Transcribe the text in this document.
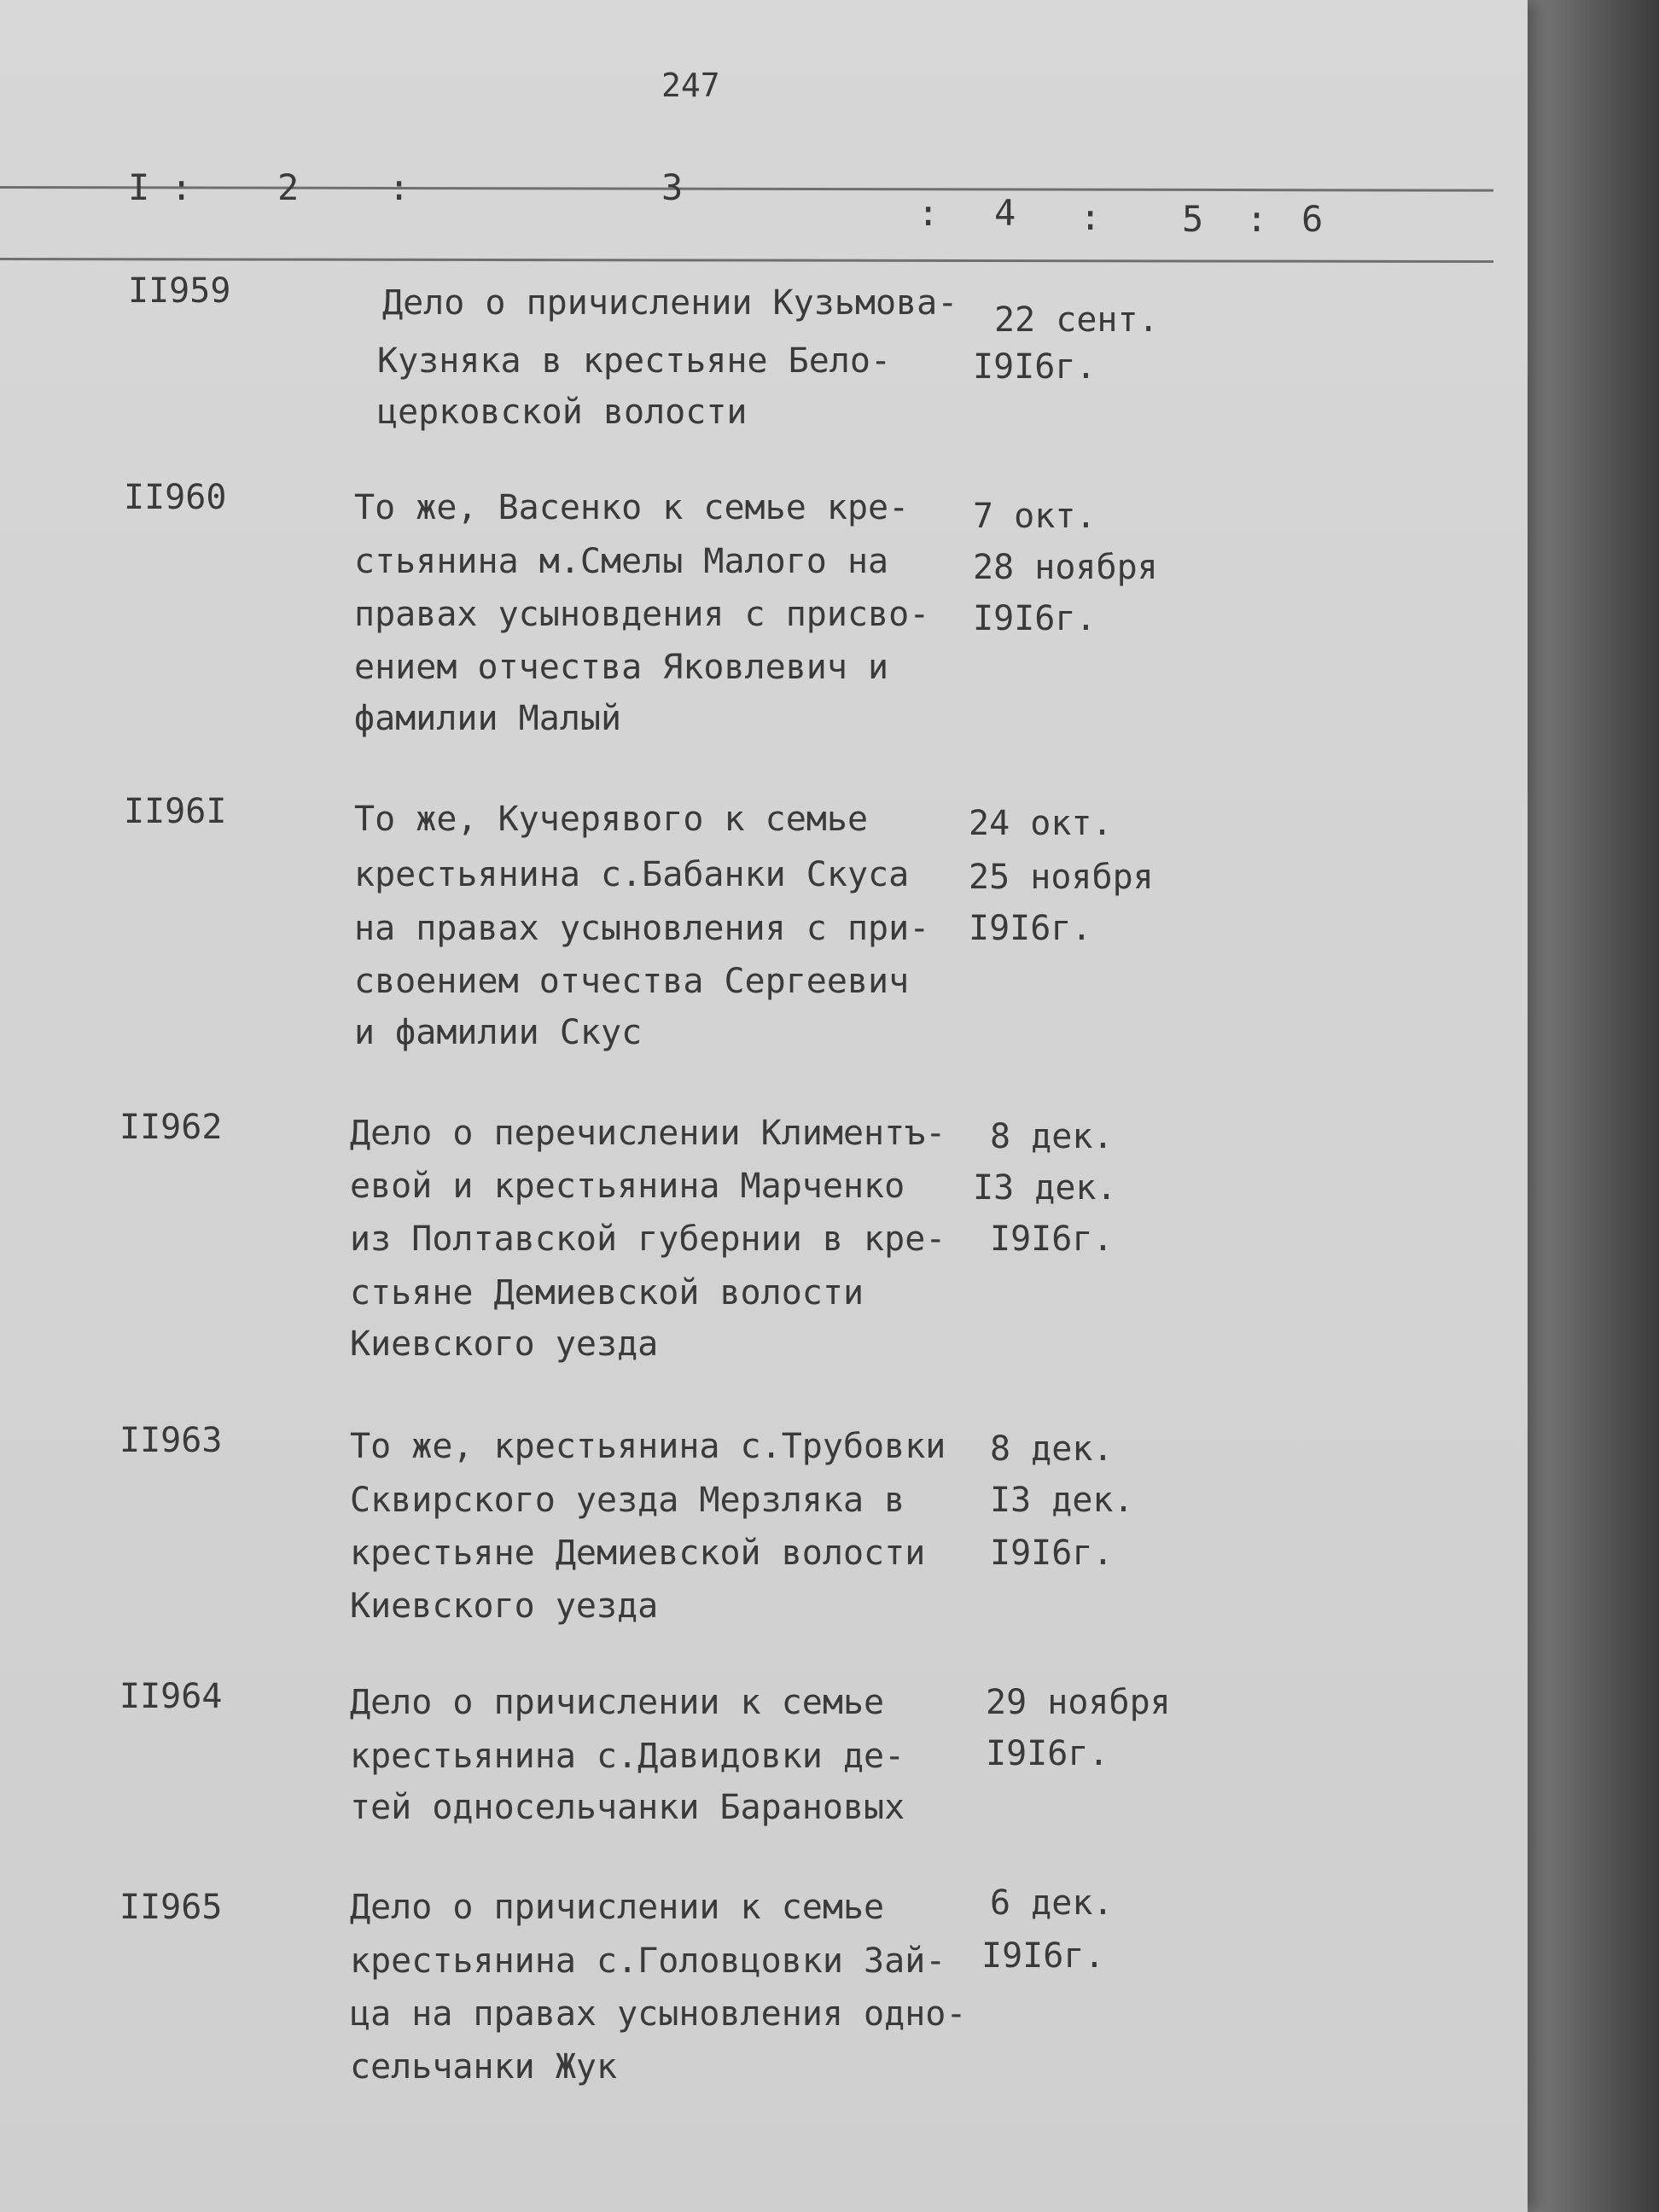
247
I : 2 :	3
: 4 : 5 : 6
II959	Дело о причислении Кузьмова-
Кузняка в крестьяне Бело-
церковской волости
22 сент.
I9I6г.
II960	То же, Васенко к семье кре-
стьянина м.Смелы Малого на
правах усыновдения с присво-
ением отчества Яковлевич и
фамилии Малый
7 окт.
28 ноября
I9I6г.
II96I	То же, Кучерявого к семье
крестьянина с.Бабанки Скуса
на правах усыновления с при-
своением отчества Сергеевич
и фамилии Скус
24 окт.
25 ноября
I9I6г.
II962	Дело о перечислении Климентъ-
евой и крестьянина Марченко
из Полтавской губернии в кре-
стьяне Демиевской волости
Киевского уезда
8 дек.
I3 дек.
I9I6г.
II963	То же, крестьянина с.Трубовки
Сквирского уезда Мерзляка в
крестьяне Демиевской волости
Киевского уезда
8 дек.
I3 дек.
I9I6г.
II964	Дело о причислении к семье
крестьянина с.Давидовки де-
тей односельчанки Барановых
29 ноября
I9I6г.
II965	Дело о причислении к семье
крестьянина с.Головцовки Зай-
ца на правах усыновления одно-
сельчанки Жук
6 дек.
I9I6г.
